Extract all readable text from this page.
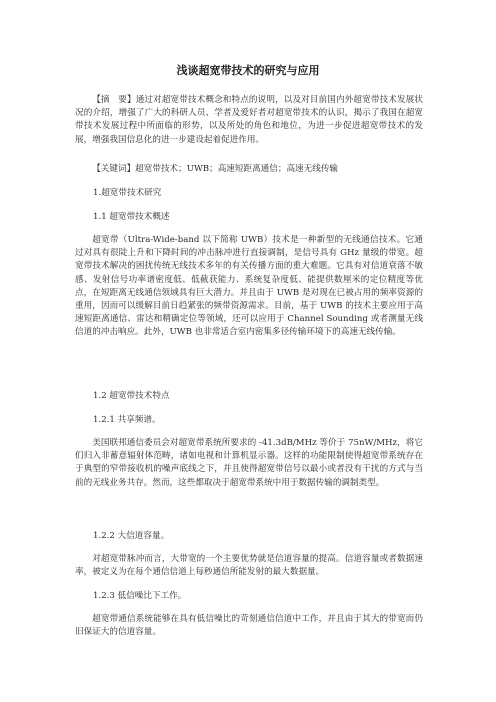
浅谈超宽带技术的研究与应用

【摘　要】通过对超宽带技术概念和特点的说明，以及对目前国内外超宽带技术发展状况的介绍，增强了广大的科研人员、学者及爱好者对超宽带技术的认识，揭示了我国在超宽带技术发展过程中所面临的形势，以及所处的角色和地位，为进一步促进超宽带技术的发展，增强我国信息化的进一步建设起着促进作用。

【关键词】超宽带技术；UWB；高速短距离通信；高速无线传输

1.超宽带技术研究

1.1 超宽带技术概述

超宽带（Ultra-Wide-band 以下简称 UWB）技术是一种新型的无线通信技术。它通过对具有很陡上升和下降时间的冲击脉冲进行直接调制，是信号具有 GHz 量级的带宽。超宽带技术解决的困扰传统无线技术多年的有关传播方面的重大难题。它具有对信道衰落不敏感、发射信号功率谱密度低、低截获能力、系统复杂度低、能提供数厘米的定位精度等优点，在短距离无线通信领域具有巨大潜力。并且由于 UWB 是对现在已被占用的频率资源的重用，因而可以缓解目前日趋紧张的频带资源需求。目前，基于 UWB 的技术主要应用于高速短距离通信、雷达和精确定位等领域，还可以应用于 Channel Sounding 或者测量无线信道的冲击响应。此外，UWB 也非常适合室内密集多径传输环境下的高速无线传输。

1.2 超宽带技术特点

1.2.1 共享频谱。

美国联邦通信委员会对超宽带系统所要求的 -41.3dB/MHz 等价于 75nW/MHz，将它们归入非蓄意辐射体范畴，诸如电视和计算机显示器。这样的功能限制使得超宽带系统存在于典型的窄带接收机的噪声底线之下，并且使得超宽带信号以最小或者没有干扰的方式与当前的无线业务共存。然而，这些都取决于超宽带系统中用于数据传输的调制类型。

1.2.2 大信道容量。

对超宽带脉冲而言，大带宽的一个主要优势就是信道容量的提高。信道容量或者数据速率，被定义为在每个通信信道上每秒通信所能发射的最大数据量。

1.2.3 低信噪比下工作。

超宽带通信系统能够在具有低信噪比的苛刻通信信道中工作，并且由于其大的带宽而仍旧保证大的信道容量。
